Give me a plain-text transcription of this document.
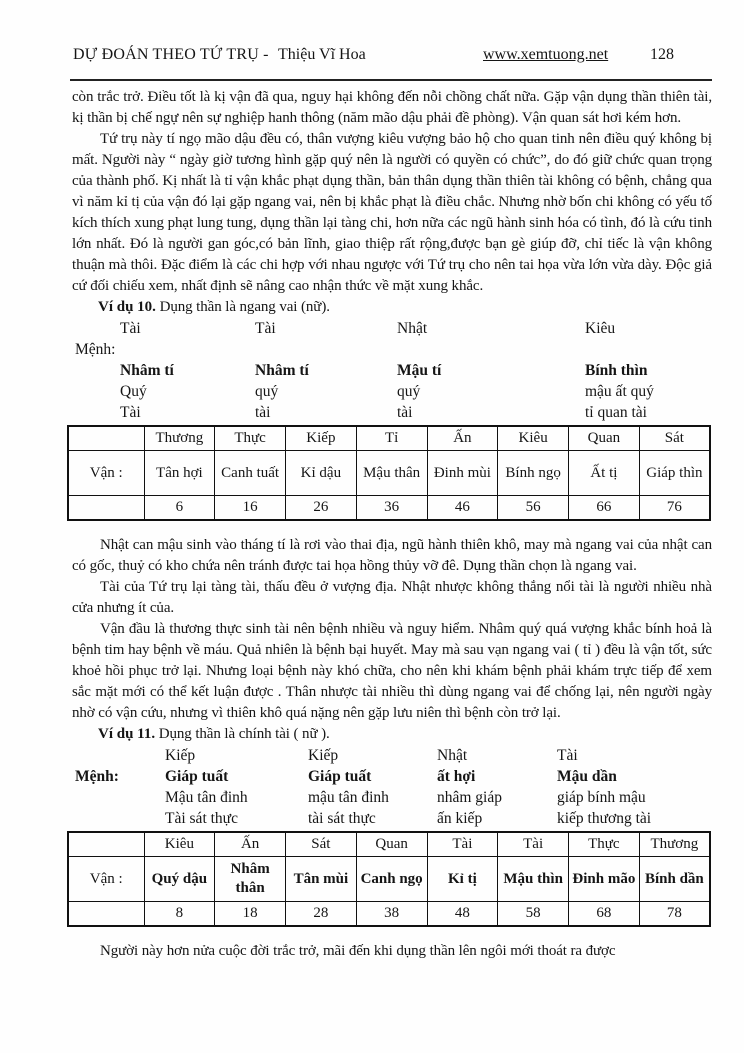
DỰ ĐOÁN THEO TỨ TRỤ - Thiệu Vĩ Hoa	www.xemtuong.net	128

còn trắc trở. Điều tốt là kị vận đã qua, nguy hại không đến nỗi chồng chất nữa. Gặp vận dụng thần thiên tài, kị thần bị chế ngự nên sự nghiệp hanh thông (năm mão dậu phải đề phòng). Vận quan sát hơi kém hơn.

Tứ trụ này tí ngọ mão dậu đều có, thân vượng kiêu vượng bảo hộ cho quan tinh nên điều quý không bị mất. Người này “ ngày giờ tương hình gặp quý nên là người có quyền có chức”, do đó giữ chức quan trọng của thành phố. Kị nhất là tỉ vận khắc phạt dụng thần, bản thân dụng thần thiên tài không có bệnh, chẳng qua vì năm kỉ tị của vận đó lại gặp ngang vai, nên bị khắc phạt là điều chắc. Nhưng nhờ bốn chi không có yếu tố kích thích xung phạt lung tung, dụng thần lại tàng chi, hơn nữa các ngũ hành sinh hóa có tình, đó là cứu tinh lớn nhất. Đó là người gan góc,có bản lĩnh, giao thiệp rất rộng,được bạn gè giúp đỡ, chỉ tiếc là vận không thuận mà thôi. Đặc điểm là các chi hợp với nhau ngược với Tứ trụ cho nên tai họa vừa lớn vừa dày. Độc giả cứ đối chiếu xem, nhất định sẽ nâng cao nhận thức về mặt xung khắc.

Ví dụ 10. Dụng thần là ngang vai (nữ).

Tài	Tài	Nhật	Kiêu
Mệnh:
Nhâm tí	Nhâm tí	Mậu tí	Bính thìn
Quý	quý	quý	mậu ất quý
Tài	tài	tài	tỉ quan tài
	Thương	Thực	Kiếp	Tỉ	Ấn	Kiêu	Quan	Sát
Vận :	Tân hợi	Canh tuất	Kỉ dậu	Mậu thân	Đinh mùi	Bính ngọ	Ất tị	Giáp thìn
	6	16	26	36	46	56	66	76

Nhật can mậu sinh vào tháng tí là rơi vào thai địa, ngũ hành thiên khô, may mà ngang vai của nhật can có gốc, thuỷ có kho chứa nên tránh được tai họa hồng thủy vỡ đê. Dụng thần chọn là ngang vai.

Tài của Tứ trụ lại tàng tài, thấu đều ở vượng địa. Nhật nhược không thắng nổi tài là người nhiều nhà cửa nhưng ít của.

Vận đầu là thương thực sinh tài nên bệnh nhiều và nguy hiểm. Nhâm quý quá vượng khắc bính hoả là bệnh tim hay bệnh về máu. Quả nhiên là bệnh bại huyết. May mà sau vạn ngang vai ( tỉ ) đều là vận tốt, sức khoẻ hồi phục trở lại. Nhưng loại bệnh này khó chữa, cho nên khi khám bệnh phải khám trực tiếp để xem sắc mặt mới có thể kết luận được . Thân nhược tài nhiều thì dùng ngang vai để chống lại, nên người ngày nhờ có vận cứu, nhưng vì thiên khô quá nặng nên gặp lưu niên thì bệnh còn trở lại.

Ví dụ 11. Dụng thần là chính tài ( nữ ).

Kiếp	Kiếp	Nhật	Tài
Mệnh:	Giáp tuất	Giáp tuất	ất hợi	Mậu dần
Mậu tân đinh	mậu tân đinh	nhâm giáp	giáp bính mậu
Tài sát thực	tài sát thực	ấn kiếp	kiếp thương tài
	Kiêu	Ấn	Sát	Quan	Tài	Tài	Thực	Thương
Vận :	Quý dậu	Nhâm thân	Tân mùi	Canh ngọ	Kỉ tị	Mậu thìn	Đinh mão	Bính dần
	8	18	28	38	48	58	68	78

Người này hơn nửa cuộc đời trắc trở, mãi đến khi dụng thần lên ngôi mới thoát ra được
